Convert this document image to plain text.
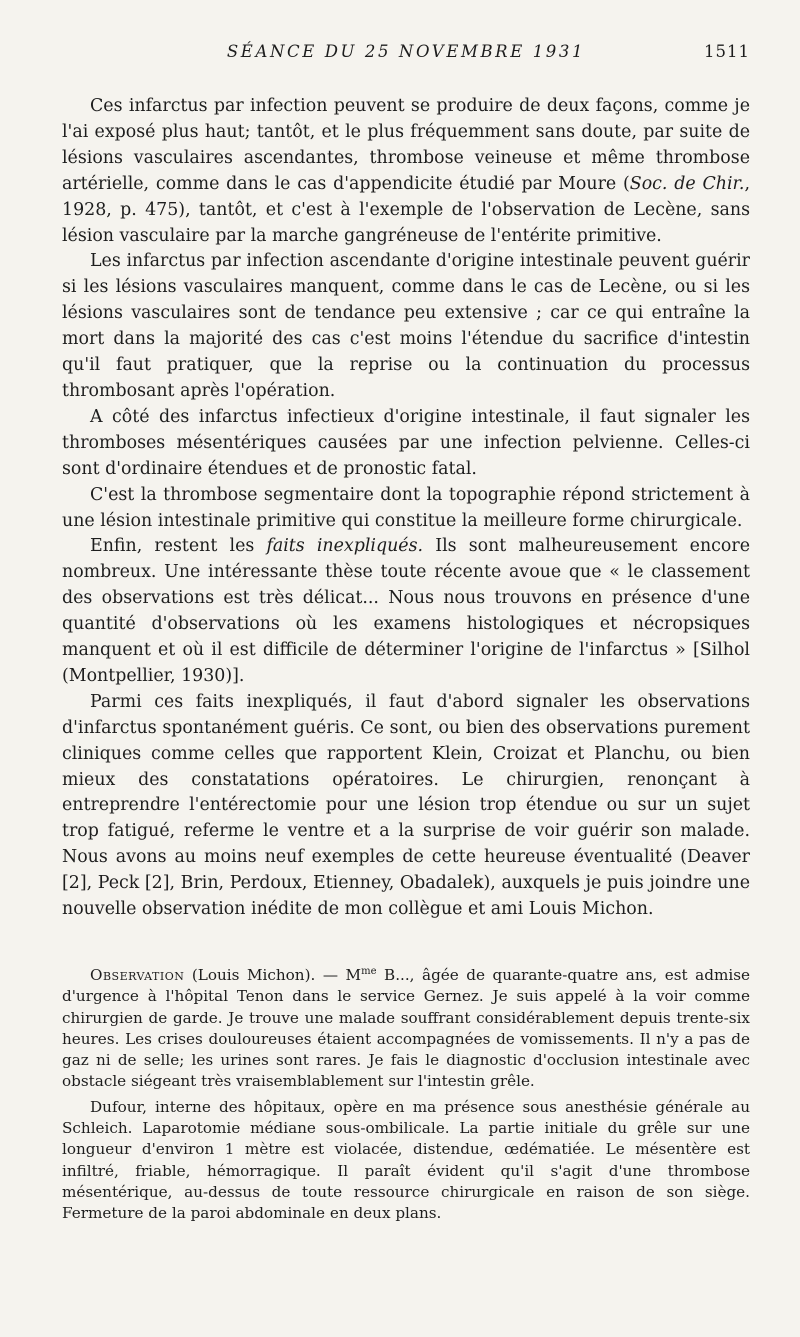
SÉANCE DU 25 NOVEMBRE 1931	1511

Ces infarctus par infection peuvent se produire de deux façons, comme je l'ai exposé plus haut; tantôt, et le plus fréquemment sans doute, par suite de lésions vasculaires ascendantes, thrombose veineuse et même thrombose artérielle, comme dans le cas d'appendicite étudié par Moure (Soc. de Chir., 1928, p. 475), tantôt, et c'est à l'exemple de l'observation de Lecène, sans lésion vasculaire par la marche gangréneuse de l'entérite primitive.

Les infarctus par infection ascendante d'origine intestinale peuvent guérir si les lésions vasculaires manquent, comme dans le cas de Lecène, ou si les lésions vasculaires sont de tendance peu extensive ; car ce qui entraîne la mort dans la majorité des cas c'est moins l'étendue du sacrifice d'intestin qu'il faut pratiquer, que la reprise ou la continuation du processus thrombosant après l'opération.

A côté des infarctus infectieux d'origine intestinale, il faut signaler les thromboses mésentériques causées par une infection pelvienne. Celles-ci sont d'ordinaire étendues et de pronostic fatal.

C'est la thrombose segmentaire dont la topographie répond strictement à une lésion intestinale primitive qui constitue la meilleure forme chirurgicale.

Enfin, restent les faits inexpliqués. Ils sont malheureusement encore nombreux. Une intéressante thèse toute récente avoue que « le classement des observations est très délicat... Nous nous trouvons en présence d'une quantité d'observations où les examens histologiques et nécropsiques manquent et où il est difficile de déterminer l'origine de l'infarctus » [Silhol (Montpellier, 1930)].

Parmi ces faits inexpliqués, il faut d'abord signaler les observations d'infarctus spontanément guéris. Ce sont, ou bien des observations purement cliniques comme celles que rapportent Klein, Croizat et Planchu, ou bien mieux des constatations opératoires. Le chirurgien, renonçant à entreprendre l'entérectomie pour une lésion trop étendue ou sur un sujet trop fatigué, referme le ventre et a la surprise de voir guérir son malade. Nous avons au moins neuf exemples de cette heureuse éventualité (Deaver [2], Peck [2], Brin, Perdoux, Etienney, Obadalek), auxquels je puis joindre une nouvelle observation inédite de mon collègue et ami Louis Michon.

Observation (Louis Michon). — $M^{me}$ B..., âgée de quarante-quatre ans, est admise d'urgence à l'hôpital Tenon dans le service Gernez. Je suis appelé à la voir comme chirurgien de garde. Je trouve une malade souffrant considérablement depuis trente-six heures. Les crises douloureuses étaient accompagnées de vomissements. Il n'y a pas de gaz ni de selle; les urines sont rares. Je fais le diagnostic d'occlusion intestinale avec obstacle siégeant très vraisemblablement sur l'intestin grêle.

Dufour, interne des hôpitaux, opère en ma présence sous anesthésie générale au Schleich. Laparotomie médiane sous-ombilicale. La partie initiale du grêle sur une longueur d'environ 1 mètre est violacée, distendue, œdématiée. Le mésentère est infiltré, friable, hémorragique. Il paraît évident qu'il s'agit d'une thrombose mésentérique, au-dessus de toute ressource chirurgicale en raison de son siège. Fermeture de la paroi abdominale en deux plans.
